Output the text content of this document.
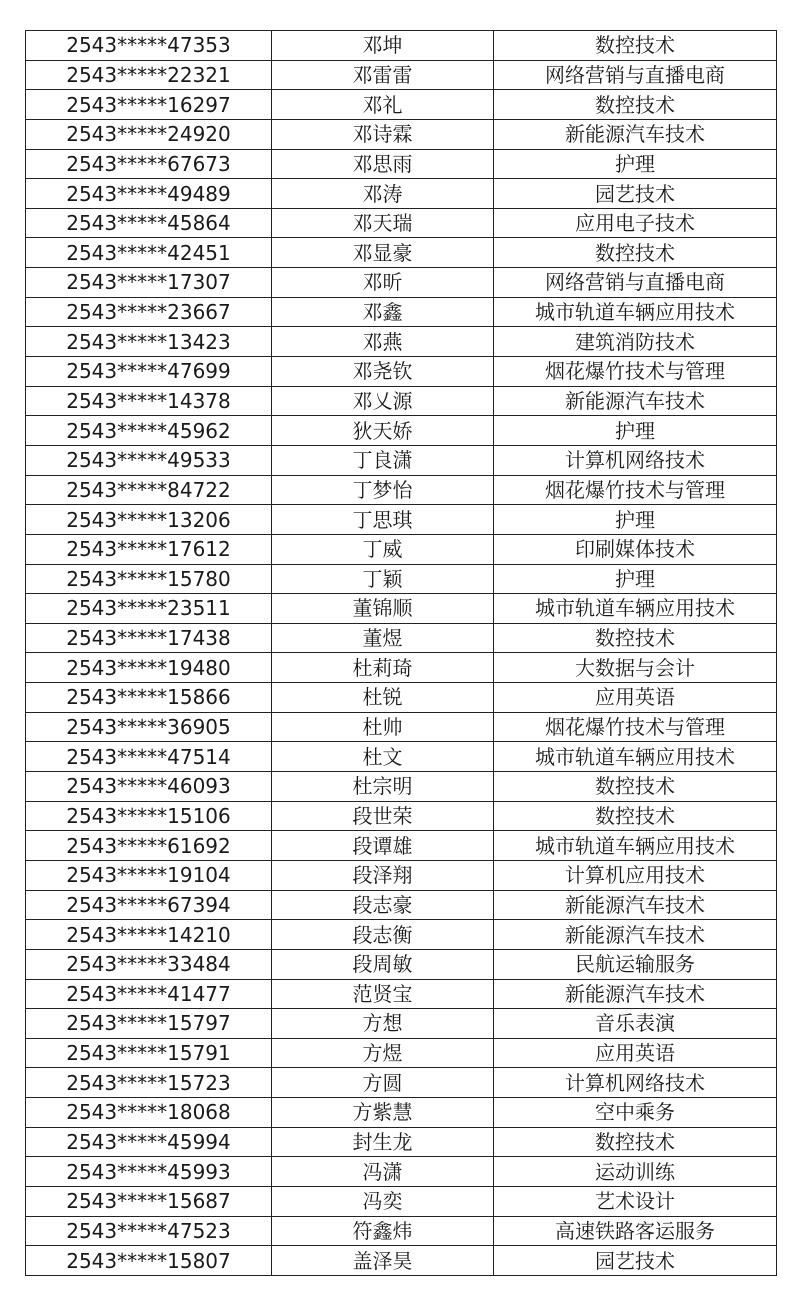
2543*****47353	邓坤	数控技术
2543*****22321	邓雷雷	网络营销与直播电商
2543*****16297	邓礼	数控技术
2543*****24920	邓诗霖	新能源汽车技术
2543*****67673	邓思雨	护理
2543*****49489	邓涛	园艺技术
2543*****45864	邓天瑞	应用电子技术
2543*****42451	邓显豪	数控技术
2543*****17307	邓昕	网络营销与直播电商
2543*****23667	邓鑫	城市轨道车辆应用技术
2543*****13423	邓燕	建筑消防技术
2543*****47699	邓尧钦	烟花爆竹技术与管理
2543*****14378	邓乂源	新能源汽车技术
2543*****45962	狄天娇	护理
2543*****49533	丁良潇	计算机网络技术
2543*****84722	丁梦怡	烟花爆竹技术与管理
2543*****13206	丁思琪	护理
2543*****17612	丁威	印刷媒体技术
2543*****15780	丁颖	护理
2543*****23511	董锦顺	城市轨道车辆应用技术
2543*****17438	董煜	数控技术
2543*****19480	杜莉琦	大数据与会计
2543*****15866	杜锐	应用英语
2543*****36905	杜帅	烟花爆竹技术与管理
2543*****47514	杜文	城市轨道车辆应用技术
2543*****46093	杜宗明	数控技术
2543*****15106	段世荣	数控技术
2543*****61692	段谭雄	城市轨道车辆应用技术
2543*****19104	段泽翔	计算机应用技术
2543*****67394	段志豪	新能源汽车技术
2543*****14210	段志衡	新能源汽车技术
2543*****33484	段周敏	民航运输服务
2543*****41477	范贤宝	新能源汽车技术
2543*****15797	方想	音乐表演
2543*****15791	方煜	应用英语
2543*****15723	方圆	计算机网络技术
2543*****18068	方紫慧	空中乘务
2543*****45994	封生龙	数控技术
2543*****45993	冯潇	运动训练
2543*****15687	冯奕	艺术设计
2543*****47523	符鑫炜	高速铁路客运服务
2543*****15807	盖泽昊	园艺技术
